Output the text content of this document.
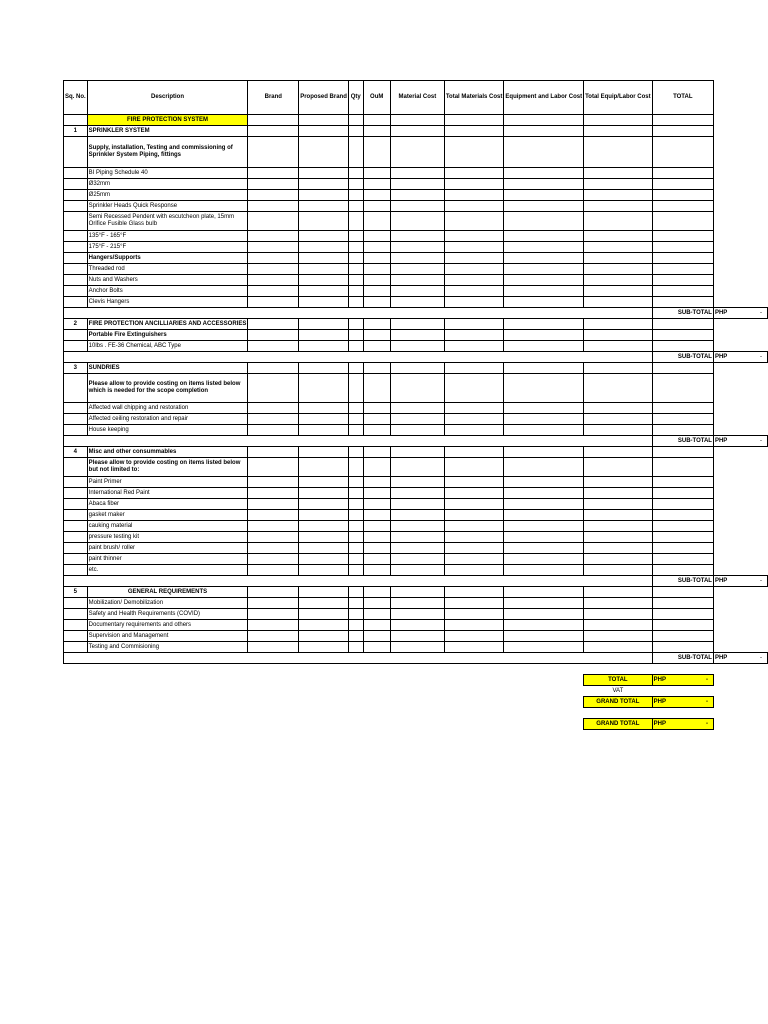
Sq. No.	Description	Brand	Proposed Brand	Qty	OuM	Material Cost	Total Materials Cost	Equipment and Labor Cost	Total Equip/Labor Cost	TOTAL	
	FIRE PROTECTION SYSTEM										
1	SPRINKLER SYSTEM										
	Supply, installation, Testing and commissioning of Sprinkler System Piping, fittings										
	BI Piping Schedule 40										
	Ø32mm										
	Ø25mm										
	Sprinkler Heads Quick Response										
	Semi Recessed Pendent with escutcheon plate, 15mm Orifice Fusible Glass bulb										
	135°F - 165°F										
	175°F - 215°F										
	Hangers/Supports										
	Threaded rod										
	Nuts and Washers										
	Anchor Bolts										
	Clevis Hangers										
										SUB-TOTAL	PHP -

2	FIRE PROTECTION ANCILLIARIES AND ACCESSORIES										
	Portable Fire Extinguishers										
	10lbs . FE-36 Chemical, ABC Type										
										SUB-TOTAL	PHP -

3	SUNDRIES										
	Please allow to provide costing on items listed below which is needed for the scope completion										
	Affected wall chipping and restoration										
	Affected ceiling restoration and repair										
	House keeping										
										SUB-TOTAL	PHP -

4	Misc and other consummables										
	Please allow to provide costing on items listed below but not limited to:										
	Paint Primer										
	International Red Paint										
	Abaca fiber										
	gasket maker										
	cauking material										
	pressure testing kit										
	paint brush/ roller										
	paint thinner										
	etc.										
										SUB-TOTAL	PHP -

5	GENERAL REQUIREMENTS										
	Mobilization/ Demobilization										
	Safety and Health Requirements (COVID)										
	Documentary requirements and others										
	Supervision and Management										
	Testing and Commisioning										
										SUB-TOTAL	PHP -

									TOTAL	PHP -	

									VAT	

									GRAND TOTAL	PHP -	

									GRAND TOTAL	PHP -	
